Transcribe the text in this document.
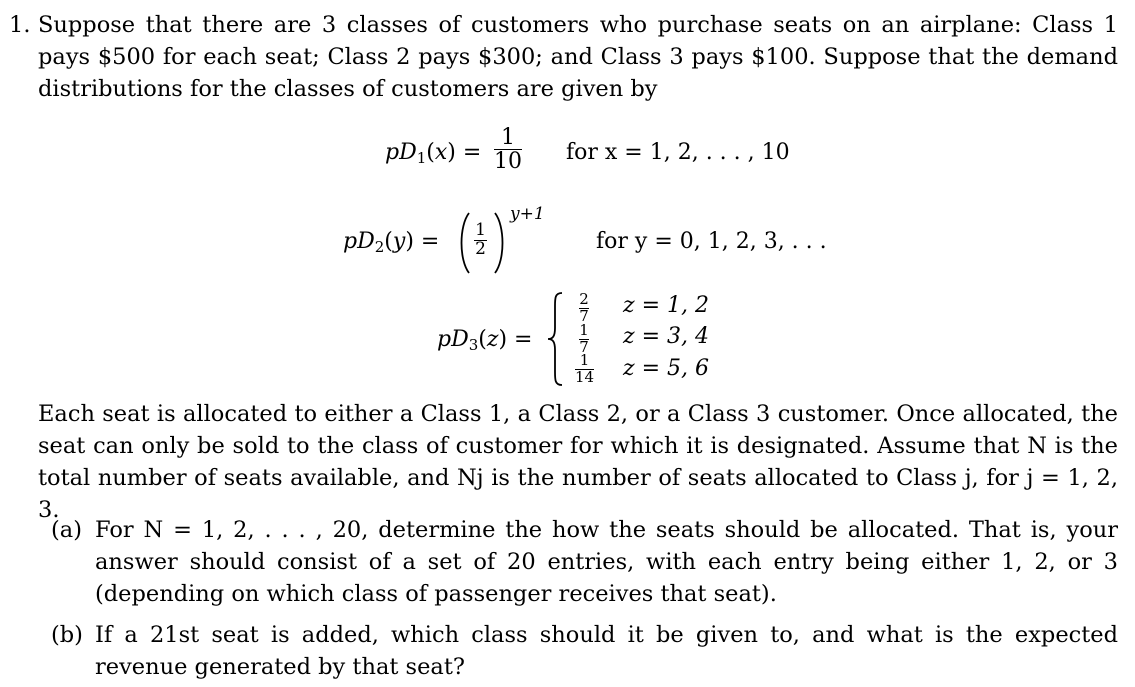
1. Suppose that there are 3 classes of customers who purchase seats on an airplane: Class 1 pays $500 for each seat; Class 2 pays $300; and Class 3 pays $100. Suppose that the demand distributions for the classes of customers are given by

$pD_1(x)$ =
1
10 for x = 1, 2, . . . , 10
$pD_2(y) = 1$
2
y+1
for y = 0, 1, 2, 3, . . .
$pD_3(z)$ =
2
7 z = 1, 2
1
7 z = 3, 4
1
14 z = 5, 6

Each seat is allocated to either a Class 1, a Class 2, or a Class 3 customer. Once allocated, the seat can only be sold to the class of customer for which it is designated. Assume that N is the total number of seats available, and Nj is the number of seats allocated to Class j, for j = 1, 2, 3.

(a) For N = 1, 2, . . . , 20, determine the how the seats should be allocated. That is, your answer should consist of a set of 20 entries, with each entry being either 1, 2, or 3 (depending on which class of passenger receives that seat).

(b) If a 21st seat is added, which class should it be given to, and what is the expected revenue generated by that seat?
